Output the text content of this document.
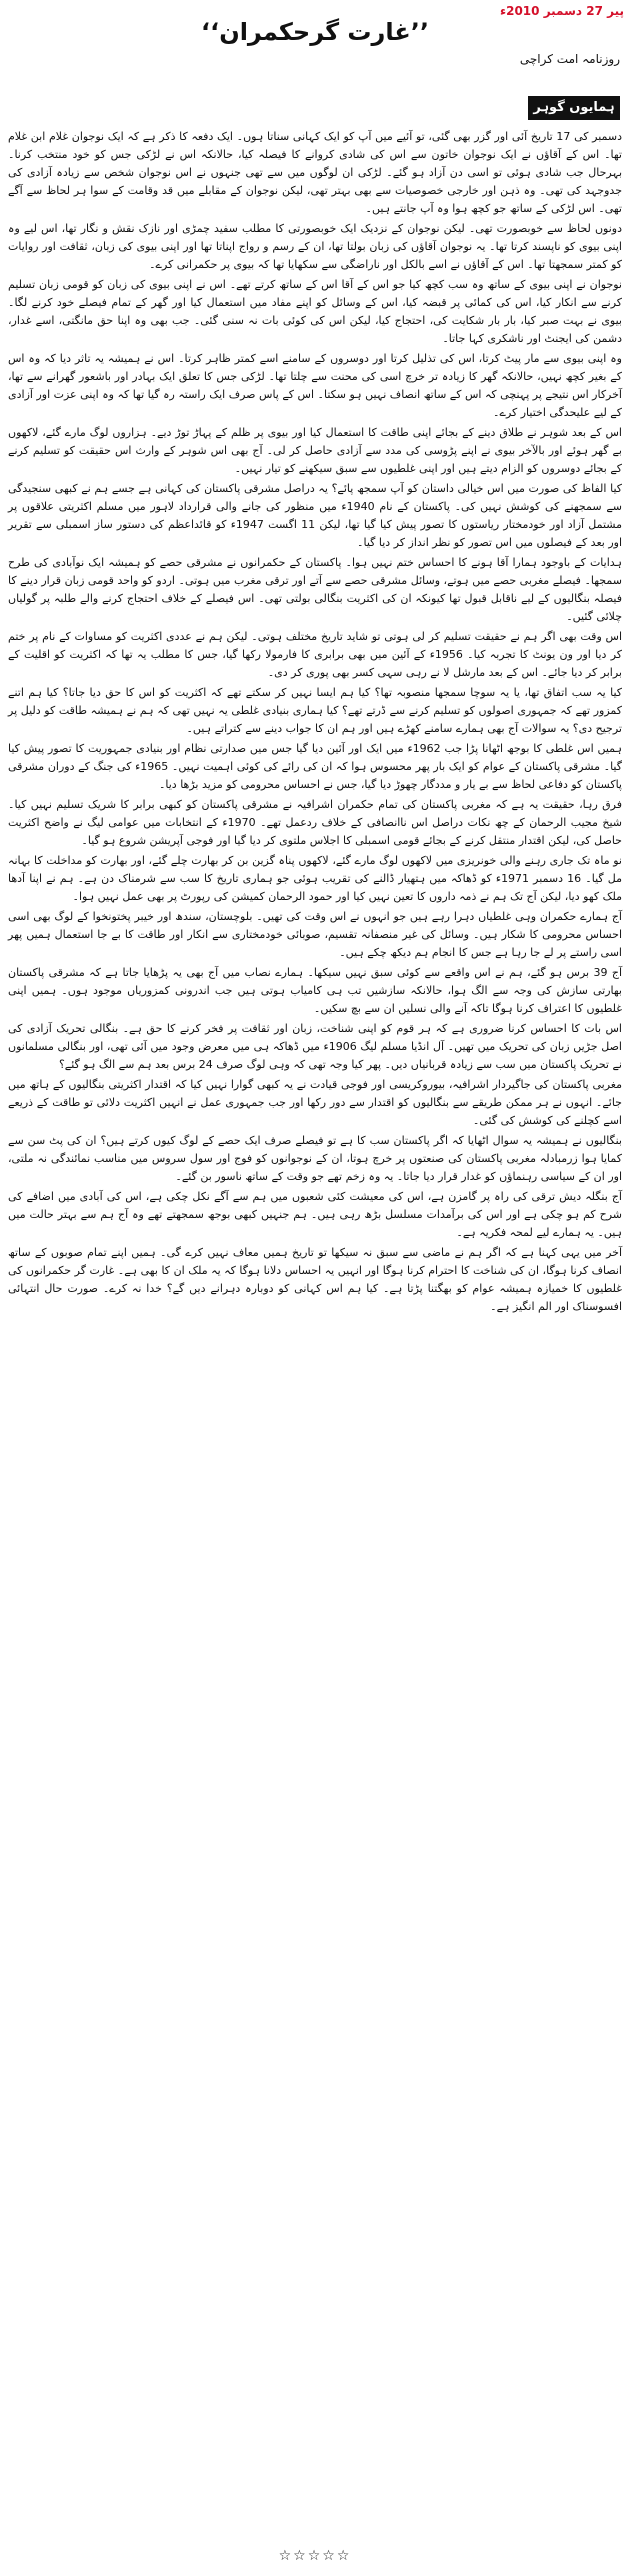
پیر 27 دسمبر 2010ء
’’غارت گرحکمران‘‘
روزنامہ امت کراچی
ہمایوں گوہر

دسمبر کی 17 تاریخ آئی اور گزر بھی گئی، تو آئیے میں آپ کو ایک کہانی سناتا ہوں۔ ایک دفعہ کا ذکر ہے کہ ایک نوجوان غلام ابن غلام تھا۔ اس کے آقاؤں نے ایک نوجوان خاتون سے اس کی شادی کروانے کا فیصلہ کیا، حالانکہ اس نے لڑکی جس کو خود منتخب کرنا۔ بہرحال جب شادی ہوئی تو اسی دن آزاد ہو گئے۔ لڑکی ان لوگوں میں سے تھی جنہوں نے اس نوجوان شخص سے زیادہ آزادی کی جدوجہد کی تھی۔ وہ ذہن اور خارجی خصوصیات سے بھی بہتر تھی، لیکن نوجوان کے مقابلے میں قد وقامت کے سوا ہر لحاظ سے آگے تھی۔ اس لڑکی کے ساتھ جو کچھ ہوا وہ آپ جانتے ہیں۔

دونوں لحاظ سے خوبصورت تھی۔ لیکن نوجوان کے نزدیک ایک خوبصورتی کا مطلب سفید چمڑی اور نازک نقش و نگار تھا، اس لیے وہ اپنی بیوی کو ناپسند کرتا تھا۔ یہ نوجوان آقاؤں کی زبان بولتا تھا، ان کے رسم و رواج اپناتا تھا اور اپنی بیوی کی زبان، ثقافت اور روایات کو کمتر سمجھتا تھا۔ اس کے آقاؤں نے اسے بالکل اور ناراضگی سے سکھایا تھا کہ بیوی پر حکمرانی کرے۔

نوجوان نے اپنی بیوی کے ساتھ وہ سب کچھ کیا جو اس کے آقا اس کے ساتھ کرتے تھے۔ اس نے اپنی بیوی کی زبان کو قومی زبان تسلیم کرنے سے انکار کیا، اس کی کمائی پر قبضہ کیا، اس کے وسائل کو اپنے مفاد میں استعمال کیا اور گھر کے تمام فیصلے خود کرنے لگا۔ بیوی نے بہت صبر کیا، بار بار شکایت کی، احتجاج کیا، لیکن اس کی کوئی بات نہ سنی گئی۔ جب بھی وہ اپنا حق مانگتی، اسے غدار، دشمن کی ایجنٹ اور ناشکری کہا جاتا۔

وہ اپنی بیوی سے مار پیٹ کرتا، اس کی تذلیل کرتا اور دوسروں کے سامنے اسے کمتر ظاہر کرتا۔ اس نے ہمیشہ یہ تاثر دیا کہ وہ اس کے بغیر کچھ نہیں، حالانکہ گھر کا زیادہ تر خرچ اسی کی محنت سے چلتا تھا۔ لڑکی جس کا تعلق ایک بہادر اور باشعور گھرانے سے تھا، آخرکار اس نتیجے پر پہنچی کہ اس کے ساتھ انصاف نہیں ہو سکتا۔ اس کے پاس صرف ایک راستہ رہ گیا تھا کہ وہ اپنی عزت اور آزادی کے لیے علیحدگی اختیار کرے۔

اس کے بعد شوہر نے طلاق دینے کے بجائے اپنی طاقت کا استعمال کیا اور بیوی پر ظلم کے پہاڑ توڑ دیے۔ ہزاروں لوگ مارے گئے، لاکھوں بے گھر ہوئے اور بالآخر بیوی نے اپنے پڑوسی کی مدد سے آزادی حاصل کر لی۔ آج بھی اس شوہر کے وارث اس حقیقت کو تسلیم کرنے کے بجائے دوسروں کو الزام دیتے ہیں اور اپنی غلطیوں سے سبق سیکھنے کو تیار نہیں۔

کیا الفاظ کی صورت میں اس خیالی داستان کو آپ سمجھ پائے؟ یہ دراصل مشرقی پاکستان کی کہانی ہے جسے ہم نے کبھی سنجیدگی سے سمجھنے کی کوشش نہیں کی۔ پاکستان کے نام 1940ء میں منظور کی جانے والی قرارداد لاہور میں مسلم اکثریتی علاقوں پر مشتمل آزاد اور خودمختار ریاستوں کا تصور پیش کیا گیا تھا، لیکن 11 اگست 1947ء کو قائداعظم کی دستور ساز اسمبلی سے تقریر اور بعد کے فیصلوں میں اس تصور کو نظر انداز کر دیا گیا۔

ہدایات کے باوجود ہمارا آقا ہونے کا احساس ختم نہیں ہوا۔ پاکستان کے حکمرانوں نے مشرقی حصے کو ہمیشہ ایک نوآبادی کی طرح سمجھا۔ فیصلے مغربی حصے میں ہوتے، وسائل مشرقی حصے سے آتے اور ترقی مغرب میں ہوتی۔ اردو کو واحد قومی زبان قرار دینے کا فیصلہ بنگالیوں کے لیے ناقابل قبول تھا کیونکہ ان کی اکثریت بنگالی بولتی تھی۔ اس فیصلے کے خلاف احتجاج کرنے والے طلبہ پر گولیاں چلائی گئیں۔

اس وقت بھی اگر ہم نے حقیقت تسلیم کر لی ہوتی تو شاید تاریخ مختلف ہوتی۔ لیکن ہم نے عددی اکثریت کو مساوات کے نام پر ختم کر دیا اور ون یونٹ کا تجربہ کیا۔ 1956ء کے آئین میں بھی برابری کا فارمولا رکھا گیا، جس کا مطلب یہ تھا کہ اکثریت کو اقلیت کے برابر کر دیا جائے۔ اس کے بعد مارشل لا نے رہی سہی کسر بھی پوری کر دی۔

کیا یہ سب اتفاق تھا، یا یہ سوچا سمجھا منصوبہ تھا؟ کیا ہم ایسا نہیں کر سکتے تھے کہ اکثریت کو اس کا حق دیا جاتا؟ کیا ہم اتنے کمزور تھے کہ جمہوری اصولوں کو تسلیم کرنے سے ڈرتے تھے؟ کیا ہماری بنیادی غلطی یہ نہیں تھی کہ ہم نے ہمیشہ طاقت کو دلیل پر ترجیح دی؟ یہ سوالات آج بھی ہمارے سامنے کھڑے ہیں اور ہم ان کا جواب دینے سے کتراتے ہیں۔

ہمیں اس غلطی کا بوجھ اٹھانا پڑا جب 1962ء میں ایک اور آئین دیا گیا جس میں صدارتی نظام اور بنیادی جمہوریت کا تصور پیش کیا گیا۔ مشرقی پاکستان کے عوام کو ایک بار پھر محسوس ہوا کہ ان کی رائے کی کوئی اہمیت نہیں۔ 1965ء کی جنگ کے دوران مشرقی پاکستان کو دفاعی لحاظ سے بے یار و مددگار چھوڑ دیا گیا، جس نے احساس محرومی کو مزید بڑھا دیا۔

فرق رہا، حقیقت یہ ہے کہ مغربی پاکستان کی تمام حکمران اشرافیہ نے مشرقی پاکستان کو کبھی برابر کا شریک تسلیم نہیں کیا۔ شیخ مجیب الرحمان کے چھ نکات دراصل اس ناانصافی کے خلاف ردعمل تھے۔ 1970ء کے انتخابات میں عوامی لیگ نے واضح اکثریت حاصل کی، لیکن اقتدار منتقل کرنے کے بجائے قومی اسمبلی کا اجلاس ملتوی کر دیا گیا اور فوجی آپریشن شروع ہو گیا۔

نو ماہ تک جاری رہنے والی خونریزی میں لاکھوں لوگ مارے گئے، لاکھوں پناہ گزین بن کر بھارت چلے گئے، اور بھارت کو مداخلت کا بہانہ مل گیا۔ 16 دسمبر 1971ء کو ڈھاکہ میں ہتھیار ڈالنے کی تقریب ہوئی جو ہماری تاریخ کا سب سے شرمناک دن ہے۔ ہم نے اپنا آدھا ملک کھو دیا، لیکن آج تک ہم نے ذمہ داروں کا تعین نہیں کیا اور حمود الرحمان کمیشن کی رپورٹ پر بھی عمل نہیں ہوا۔

آج ہمارے حکمران وہی غلطیاں دہرا رہے ہیں جو انہوں نے اس وقت کی تھیں۔ بلوچستان، سندھ اور خیبر پختونخوا کے لوگ بھی اسی احساس محرومی کا شکار ہیں۔ وسائل کی غیر منصفانہ تقسیم، صوبائی خودمختاری سے انکار اور طاقت کا بے جا استعمال ہمیں پھر اسی راستے پر لے جا رہا ہے جس کا انجام ہم دیکھ چکے ہیں۔

آج 39 برس ہو گئے، ہم نے اس واقعے سے کوئی سبق نہیں سیکھا۔ ہمارے نصاب میں آج بھی یہ پڑھایا جاتا ہے کہ مشرقی پاکستان بھارتی سازش کی وجہ سے الگ ہوا، حالانکہ سازشیں تب ہی کامیاب ہوتی ہیں جب اندرونی کمزوریاں موجود ہوں۔ ہمیں اپنی غلطیوں کا اعتراف کرنا ہوگا تاکہ آنے والی نسلیں ان سے بچ سکیں۔

اس بات کا احساس کرنا ضروری ہے کہ ہر قوم کو اپنی شناخت، زبان اور ثقافت پر فخر کرنے کا حق ہے۔ بنگالی تحریک آزادی کی اصل جڑیں زبان کی تحریک میں تھیں۔ آل انڈیا مسلم لیگ 1906ء میں ڈھاکہ ہی میں معرض وجود میں آئی تھی، اور بنگالی مسلمانوں نے تحریک پاکستان میں سب سے زیادہ قربانیاں دیں۔ پھر کیا وجہ تھی کہ وہی لوگ صرف 24 برس بعد ہم سے الگ ہو گئے؟

مغربی پاکستان کی جاگیردار اشرافیہ، بیوروکریسی اور فوجی قیادت نے یہ کبھی گوارا نہیں کیا کہ اقتدار اکثریتی بنگالیوں کے ہاتھ میں جائے۔ انہوں نے ہر ممکن طریقے سے بنگالیوں کو اقتدار سے دور رکھا اور جب جمہوری عمل نے انہیں اکثریت دلائی تو طاقت کے ذریعے اسے کچلنے کی کوشش کی گئی۔

بنگالیوں نے ہمیشہ یہ سوال اٹھایا کہ اگر پاکستان سب کا ہے تو فیصلے صرف ایک حصے کے لوگ کیوں کرتے ہیں؟ ان کی پٹ سن سے کمایا ہوا زرمبادلہ مغربی پاکستان کی صنعتوں پر خرچ ہوتا، ان کے نوجوانوں کو فوج اور سول سروس میں مناسب نمائندگی نہ ملتی، اور ان کے سیاسی رہنماؤں کو غدار قرار دیا جاتا۔ یہ وہ زخم تھے جو وقت کے ساتھ ناسور بن گئے۔

آج بنگلہ دیش ترقی کی راہ پر گامزن ہے، اس کی معیشت کئی شعبوں میں ہم سے آگے نکل چکی ہے، اس کی آبادی میں اضافے کی شرح کم ہو چکی ہے اور اس کی برآمدات مسلسل بڑھ رہی ہیں۔ ہم جنہیں کبھی بوجھ سمجھتے تھے وہ آج ہم سے بہتر حالت میں ہیں۔ یہ ہمارے لیے لمحہ فکریہ ہے۔

آخر میں یہی کہنا ہے کہ اگر ہم نے ماضی سے سبق نہ سیکھا تو تاریخ ہمیں معاف نہیں کرے گی۔ ہمیں اپنے تمام صوبوں کے ساتھ انصاف کرنا ہوگا، ان کی شناخت کا احترام کرنا ہوگا اور انہیں یہ احساس دلانا ہوگا کہ یہ ملک ان کا بھی ہے۔ غارت گر حکمرانوں کی غلطیوں کا خمیازہ ہمیشہ عوام کو بھگتنا پڑتا ہے۔ کیا ہم اس کہانی کو دوبارہ دہرانے دیں گے؟ خدا نہ کرے۔ صورت حال انتہائی افسوسناک اور الم انگیز ہے۔

☆☆☆☆☆
